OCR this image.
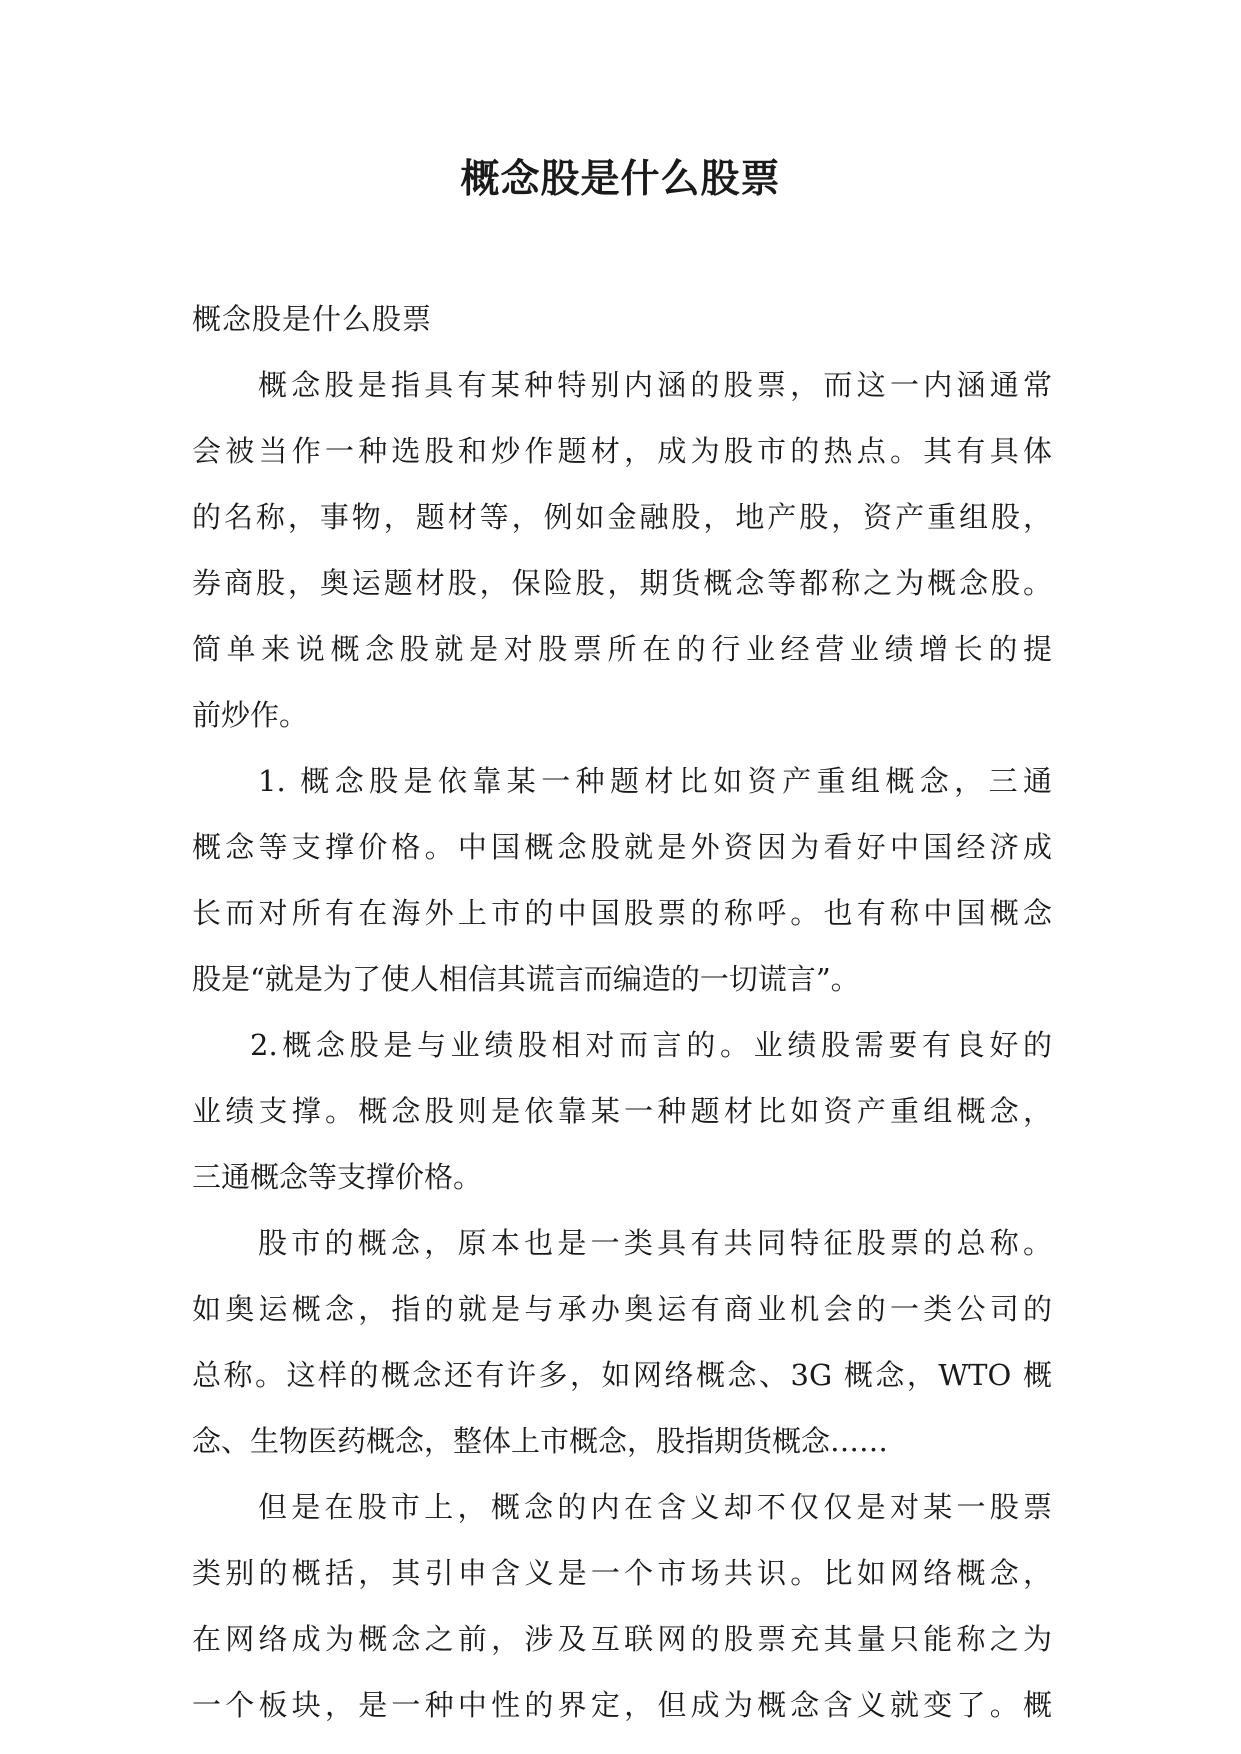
概念股是什么股票
概念股是什么股票
概念股是指具有某种特别内涵的股票，而这一内涵通常
会被当作一种选股和炒作题材，成为股市的热点。其有具体
的名称，事物，题材等，例如金融股，地产股，资产重组股，
券商股，奥运题材股，保险股，期货概念等都称之为概念股。
简单来说概念股就是对股票所在的行业经营业绩增长的提
前炒作。
1. 概念股是依靠某一种题材比如资产重组概念，三通
概念等支撑价格。中国概念股就是外资因为看好中国经济成
长而对所有在海外上市的中国股票的称呼。也有称中国概念
股是“就是为了使人相信其谎言而编造的一切谎言”。
2.概念股是与业绩股相对而言的。业绩股需要有良好的
业绩支撑。概念股则是依靠某一种题材比如资产重组概念，
三通概念等支撑价格。
股市的概念，原本也是一类具有共同特征股票的总称。
如奥运概念，指的就是与承办奥运有商业机会的一类公司的
总称。这样的概念还有许多，如网络概念、3G 概念，WTO 概
念、生物医药概念，整体上市概念，股指期货概念……
但是在股市上，概念的内在含义却不仅仅是对某一股票
类别的概括，其引申含义是一个市场共识。比如网络概念，
在网络成为概念之前，涉及互联网的股票充其量只能称之为
一个板块，是一种中性的界定，但成为概念含义就变了。概
